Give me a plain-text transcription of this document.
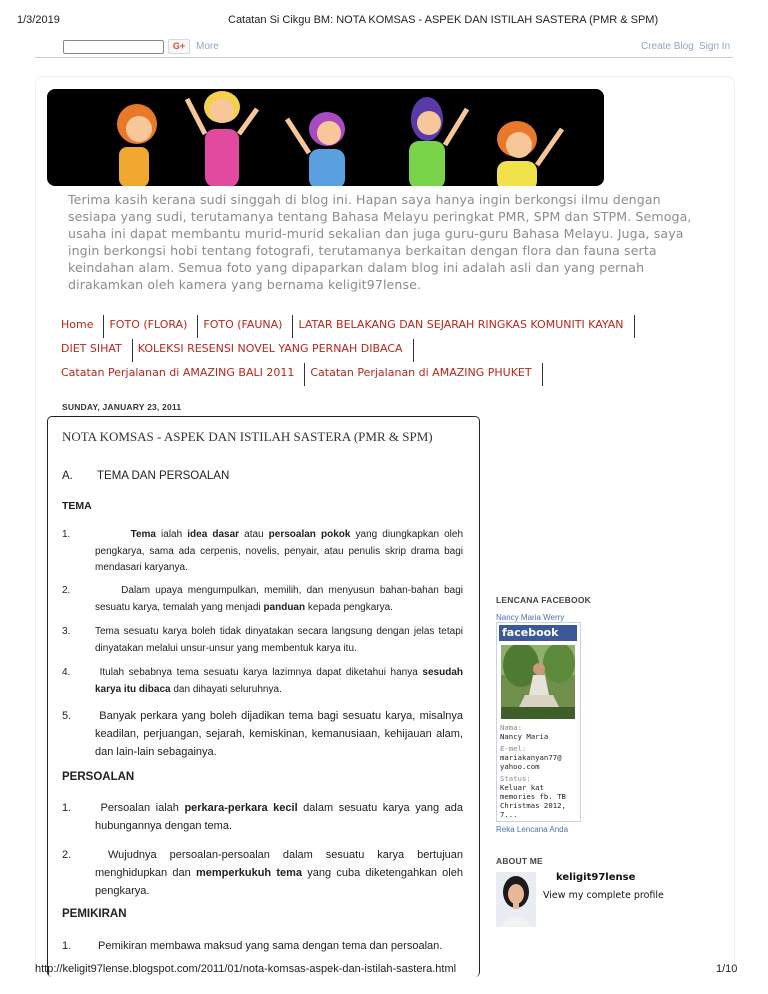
1/3/2019	Catatan Si Cikgu BM: NOTA KOMSAS - ASPEK DAN ISTILAH SASTERA (PMR & SPM)
G+	More	Create Blog Sign In
Terima kasih kerana sudi singgah di blog ini. Hapan saya hanya ingin berkongsi ilmu dengan sesiapa yang sudi, terutamanya tentang Bahasa Melayu peringkat PMR, SPM dan STPM. Semoga, usaha ini dapat membantu murid-murid sekalian dan juga guru-guru Bahasa Melayu. Juga, saya ingin berkongsi hobi tentang fotografi, terutamanya berkaitan dengan flora dan fauna serta keindahan alam. Semua foto yang dipaparkan dalam blog ini adalah asli dan yang pernah dirakamkan oleh kamera yang bernama keligit97lense.
Home	FOTO (FLORA)	FOTO (FAUNA)	LATAR BELAKANG DAN SEJARAH RINGKAS KOMUNITI KAYAN
DIET SIHAT	KOLEKSI RESENSI NOVEL YANG PERNAH DIBACA
Catatan Perjalanan di AMAZING BALI 2011	Catatan Perjalanan di AMAZING PHUKET
SUNDAY, JANUARY 23, 2011
NOTA KOMSAS - ASPEK DAN ISTILAH SASTERA (PMR & SPM)
A. TEMA DAN PERSOALAN
TEMA
1.	Tema ialah idea dasar atau persoalan pokok yang diungkapkan oleh pengkarya, sama ada cerpenis, novelis, penyair, atau penulis skrip drama bagi mendasari karyanya.
2. Dalam upaya mengumpulkan, memilih, dan menyusun bahan-bahan bagi sesuatu karya, temalah yang menjadi panduan kepada pengkarya.
3. Tema sesuatu karya boleh tidak dinyatakan secara langsung dengan jelas tetapi dinyatakan melalui unsur-unsur yang membentuk karya itu.
4. Itulah sebabnya tema sesuatu karya lazimnya dapat diketahui hanya sesudah karya itu dibaca dan dihayati seluruhnya.
5. Banyak perkara yang boleh dijadikan tema bagi sesuatu karya, misalnya keadilan, perjuangan, sejarah, kemiskinan, kemanusiaan, kehijauan alam, dan lain-lain sebagainya.
PERSOALAN
1. Persoalan ialah perkara-perkara kecil dalam sesuatu karya yang ada hubungannya dengan tema.
2. Wujudnya persoalan-persoalan dalam sesuatu karya bertujuan menghidupkan dan memperkukuh tema yang cuba diketengahkan oleh pengkarya.
PEMIKIRAN
1. Pemikiran membawa maksud yang sama dengan tema dan persoalan.
LENCANA FACEBOOK
Nancy Maria Werry
facebook
Nama:
Nancy Maria
E-mel:
mariakanyan77@ yahoo.com
Status:
Keluar kat memories fb. TB Christmas 2012, 7...
Reka Lencana Anda
ABOUT ME
keligit97lense
View my complete profile
http://keligit97lense.blogspot.com/2011/01/nota-komsas-aspek-dan-istilah-sastera.html	1/10
